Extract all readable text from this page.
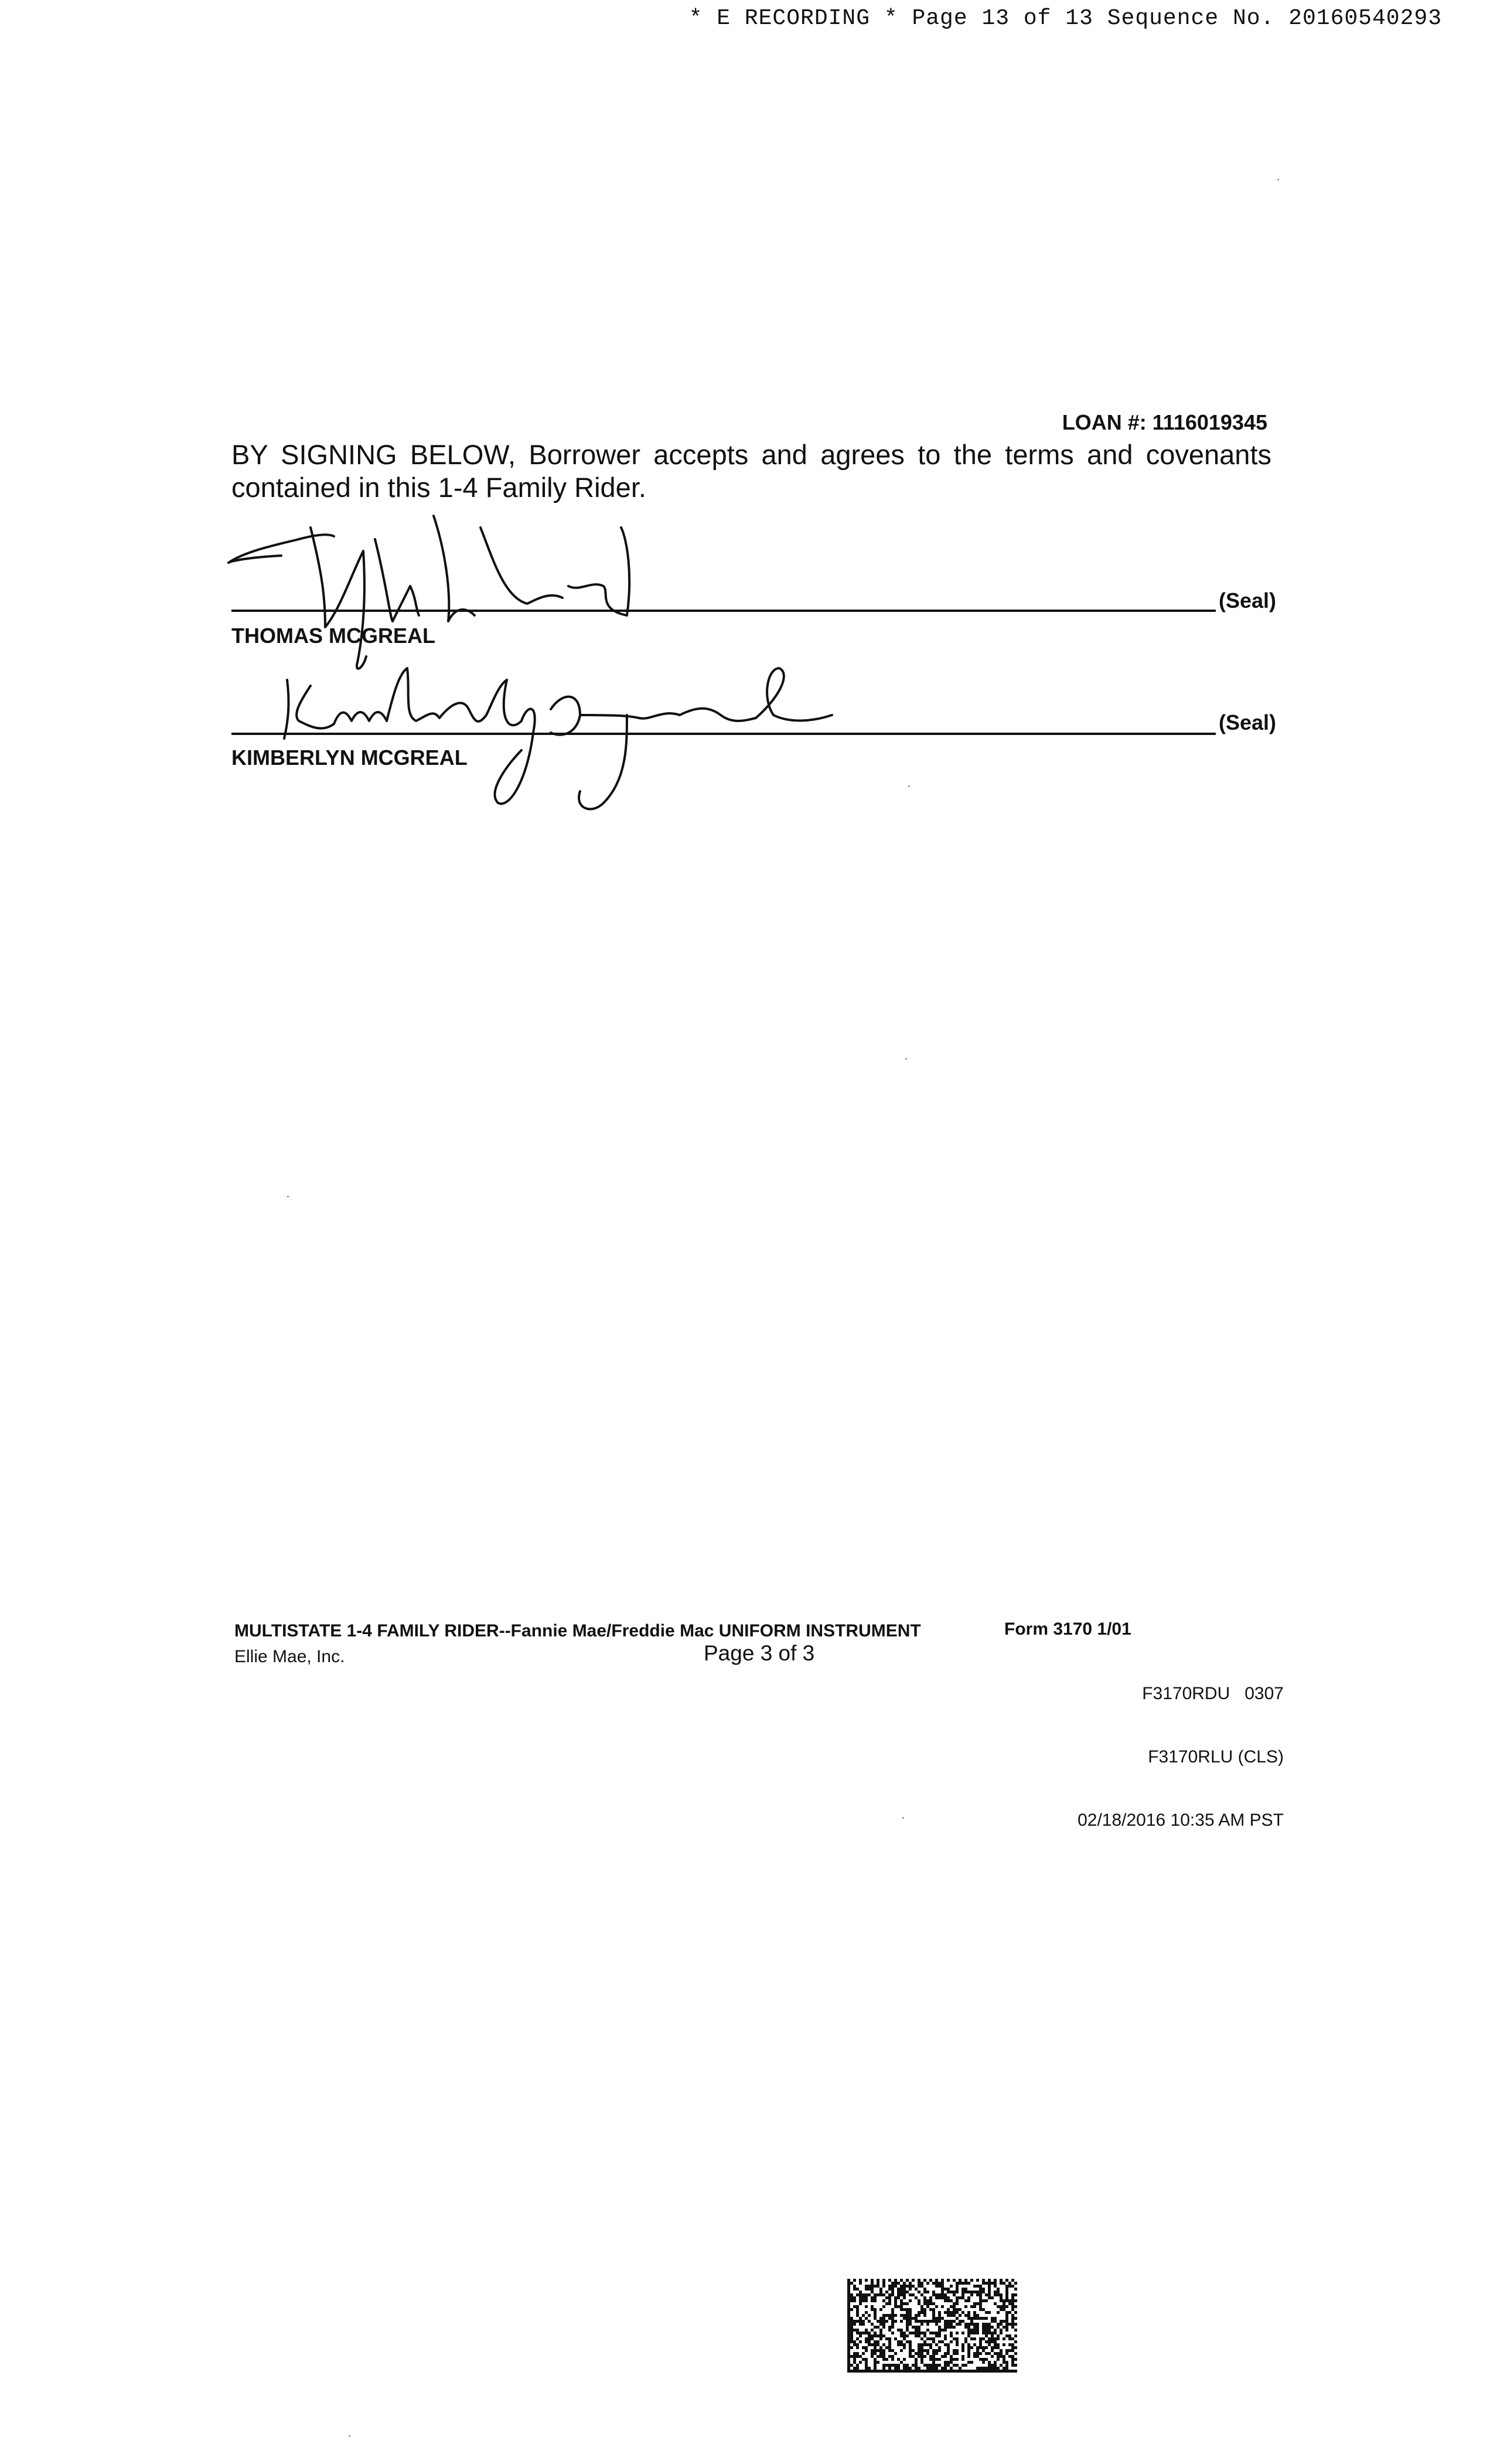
* E RECORDING * Page 13 of 13 Sequence No. 20160540293
LOAN #: 1116019345
BY SIGNING BELOW, Borrower accepts and agrees to the terms and covenants contained in this 1-4 Family Rider.
(Seal)
THOMAS MCGREAL
(Seal)
KIMBERLYN MCGREAL
MULTISTATE 1-4 FAMILY RIDER--Fannie Mae/Freddie Mac UNIFORM INSTRUMENT	Form 3170 1/01
Ellie Mae, Inc.	Page 3 of 3

F3170RDU   0307

F3170RLU (CLS)

02/18/2016 10:35 AM PST
